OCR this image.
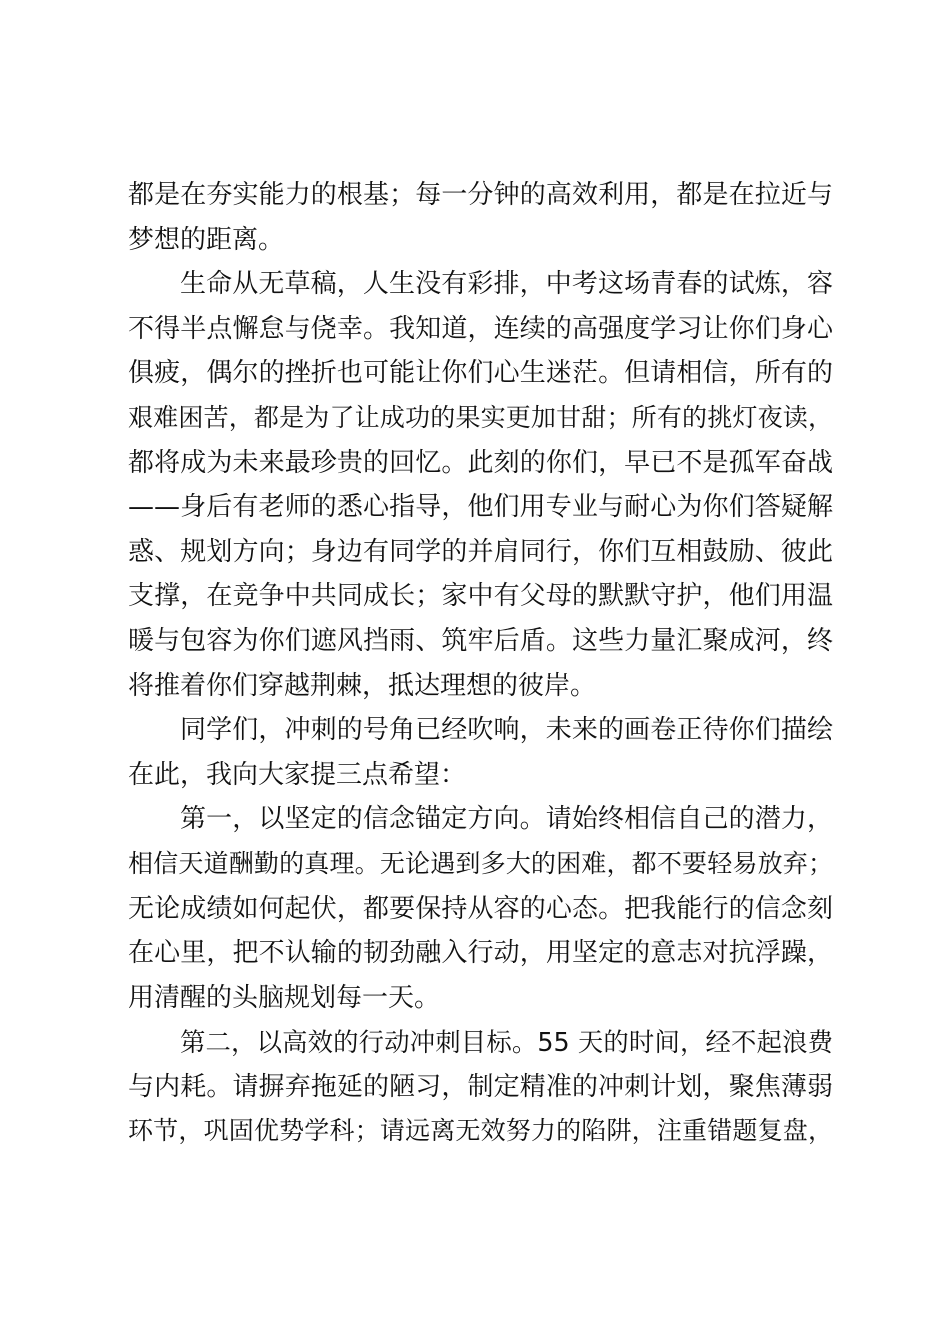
都是在夯实能力的根基；每一分钟的高效利用，都是在拉近与
梦想的距离。
生命从无草稿，人生没有彩排，中考这场青春的试炼，容
不得半点懈怠与侥幸。我知道，连续的高强度学习让你们身心
俱疲，偶尔的挫折也可能让你们心生迷茫。但请相信，所有的
艰难困苦，都是为了让成功的果实更加甘甜；所有的挑灯夜读，
都将成为未来最珍贵的回忆。此刻的你们，早已不是孤军奋战
——身后有老师的悉心指导，他们用专业与耐心为你们答疑解
惑、规划方向；身边有同学的并肩同行，你们互相鼓励、彼此
支撑，在竞争中共同成长；家中有父母的默默守护，他们用温
暖与包容为你们遮风挡雨、筑牢后盾。这些力量汇聚成河，终
将推着你们穿越荆棘，抵达理想的彼岸。
同学们，冲刺的号角已经吹响，未来的画卷正待你们描绘
在此，我向大家提三点希望：
第一，以坚定的信念锚定方向。请始终相信自己的潜力，
相信天道酬勤的真理。无论遇到多大的困难，都不要轻易放弃；
无论成绩如何起伏，都要保持从容的心态。把我能行的信念刻
在心里，把不认输的韧劲融入行动，用坚定的意志对抗浮躁，
用清醒的头脑规划每一天。
第二，以高效的行动冲刺目标。55 天的时间，经不起浪费
与内耗。请摒弃拖延的陋习，制定精准的冲刺计划，聚焦薄弱
环节，巩固优势学科；请远离无效努力的陷阱，注重错题复盘，
